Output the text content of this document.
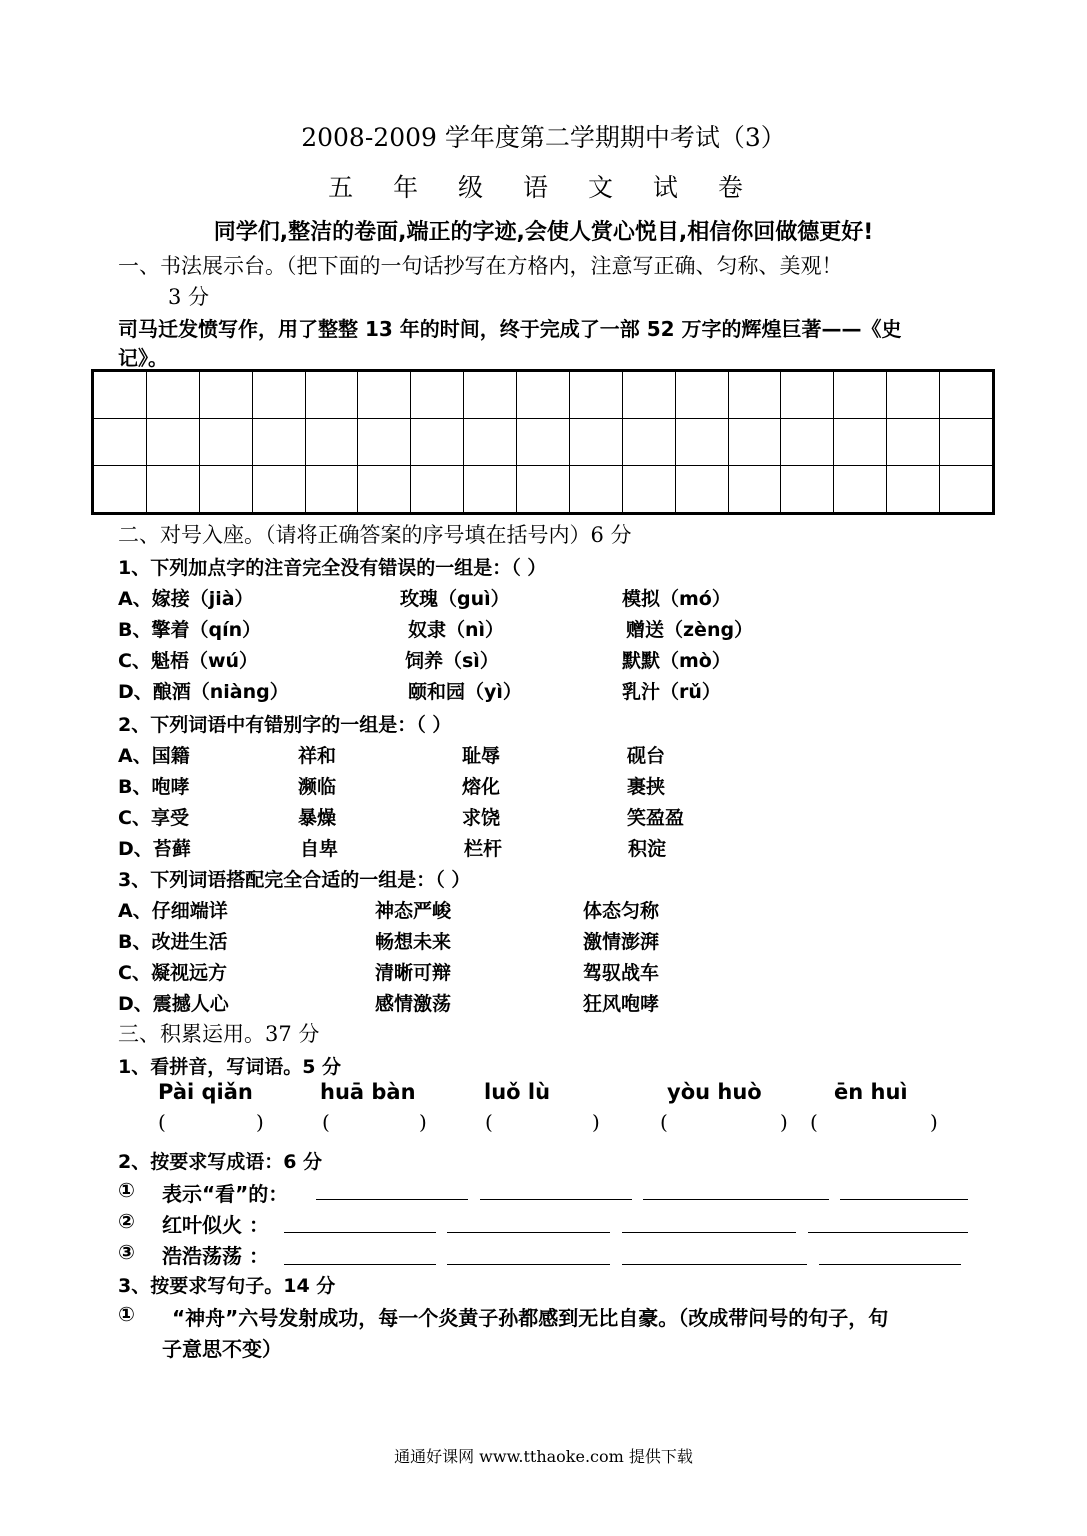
2008-2009 学年度第二学期期中考试（3）
五 年 级 语 文 试 卷
同学们,整洁的卷面,端正的字迹,会使人赏心悦目,相信你回做德更好!
一、书法展示台。（把下面的一句话抄写在方格内，注意写正确、匀称、美观！
3 分
司马迁发愤写作，用了整整 13 年的时间，终于完成了一部 52 万字的辉煌巨著——《史
记》。

二、对号入座。（请将正确答案的序号填在括号内）6 分
1、下列加点字的注音完全没有错误的一组是：（ ）
A、嫁接（jià）	玫瑰（guì）	模拟（mó）
B、擎着（qín）	奴隶（nì）	赠送（zèng）
C、魁梧（wú）	饲养（sì）	默默（mò）
D、酿酒（niàng）	颐和园（yì）	乳汁（rǔ）
2、下列词语中有错别字的一组是：（ ）
A、国籍	祥和	耻辱	砚台
B、咆哮	濒临	熔化	裹挟
C、享受	暴燥	求饶	笑盈盈
D、苔藓	自卑	栏杆	积淀
3、下列词语搭配完全合适的一组是：（ ）
A、仔细端详	神态严峻	体态匀称
B、改进生活	畅想未来	激情澎湃
C、凝视远方	清晰可辩	驾驭战车
D、震撼人心	感情激荡	狂风咆哮
三、积累运用。37 分
1、看拼音，写词语。5 分
Pài qiǎn	huā bàn	luǒ lù	yòu huò	ēn huì
(	)	(	)	(	)	(	) (	)
2、按要求写成语：6 分
① 表示“看”的：
② 红叶似火 ：
③ 浩浩荡荡 ：
3、按要求写句子。14 分
① “神舟”六号发射成功，每一个炎黄子孙都感到无比自豪。（改成带问号的句子，句
子意思不变）
通通好课网 www.tthaoke.com 提供下载
